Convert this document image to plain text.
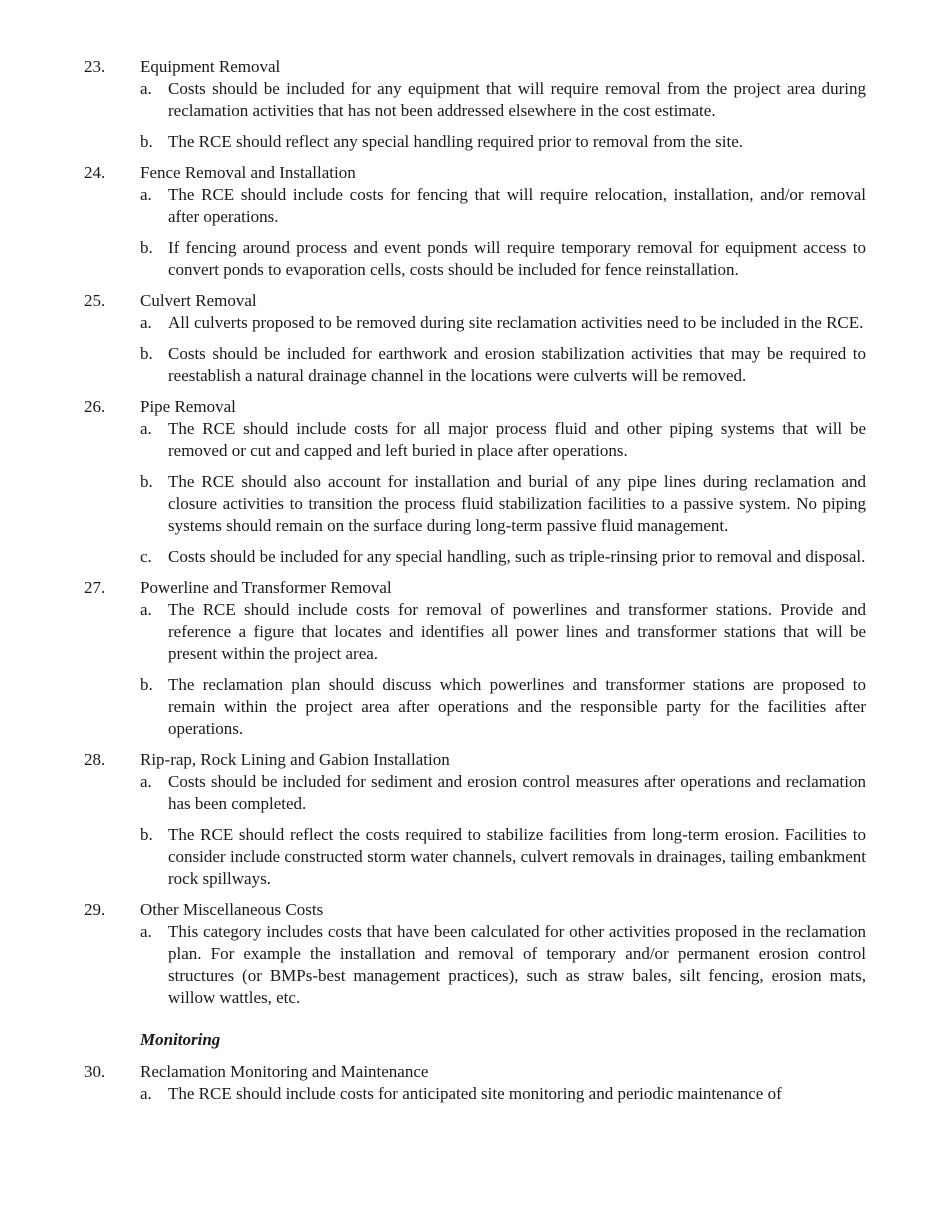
23.	Equipment Removal
a. Costs should be included for any equipment that will require removal from the project area during reclamation activities that has not been addressed elsewhere in the cost estimate.
b. The RCE should reflect any special handling required prior to removal from the site.
24.	Fence Removal and Installation
a. The RCE should include costs for fencing that will require relocation, installation, and/or removal after operations.
b. If fencing around process and event ponds will require temporary removal for equipment access to convert ponds to evaporation cells, costs should be included for fence reinstallation.
25.	Culvert Removal
a. All culverts proposed to be removed during site reclamation activities need to be included in the RCE.
b. Costs should be included for earthwork and erosion stabilization activities that may be required to reestablish a natural drainage channel in the locations were culverts will be removed.
26.	Pipe Removal
a. The RCE should include costs for all major process fluid and other piping systems that will be removed or cut and capped and left buried in place after operations.
b. The RCE should also account for installation and burial of any pipe lines during reclamation and closure activities to transition the process fluid stabilization facilities to a passive system. No piping systems should remain on the surface during long-term passive fluid management.
c. Costs should be included for any special handling, such as triple-rinsing prior to removal and disposal.
27.	Powerline and Transformer Removal
a. The RCE should include costs for removal of powerlines and transformer stations. Provide and reference a figure that locates and identifies all power lines and transformer stations that will be present within the project area.
b. The reclamation plan should discuss which powerlines and transformer stations are proposed to remain within the project area after operations and the responsible party for the facilities after operations.
28.	Rip-rap, Rock Lining and Gabion Installation
a. Costs should be included for sediment and erosion control measures after operations and reclamation has been completed.
b. The RCE should reflect the costs required to stabilize facilities from long-term erosion. Facilities to consider include constructed storm water channels, culvert removals in drainages, tailing embankment rock spillways.
29.	Other Miscellaneous Costs
a. This category includes costs that have been calculated for other activities proposed in the reclamation plan. For example the installation and removal of temporary and/or permanent erosion control structures (or BMPs-best management practices), such as straw bales, silt fencing, erosion mats, willow wattles, etc.
Monitoring
30.	Reclamation Monitoring and Maintenance
a. The RCE should include costs for anticipated site monitoring and periodic maintenance of
